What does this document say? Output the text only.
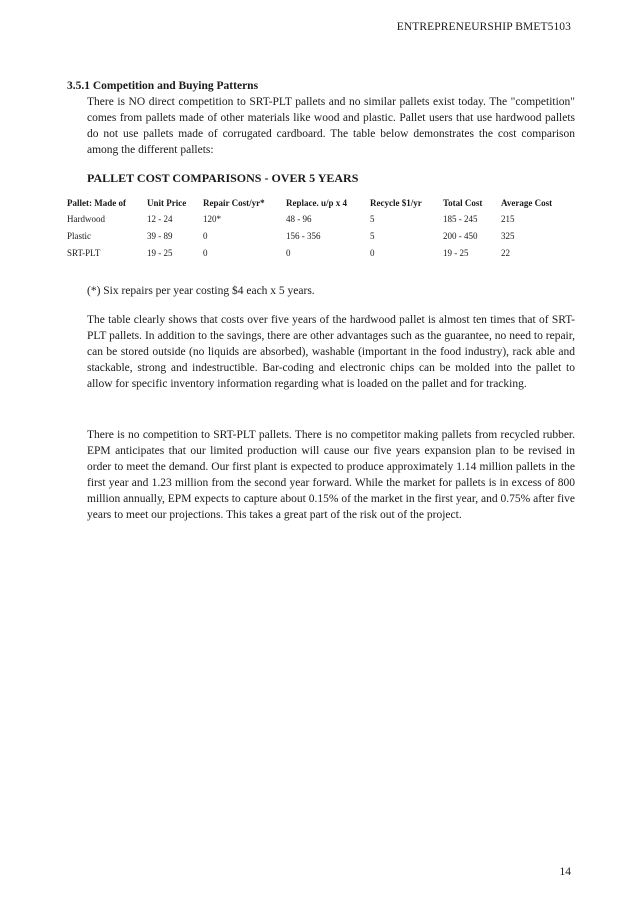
ENTREPRENEURSHIP BMET5103
3.5.1 Competition and Buying Patterns

There is NO direct competition to SRT-PLT pallets and no similar pallets exist today. The "competition" comes from pallets made of other materials like wood and plastic. Pallet users that use hardwood pallets do not use pallets made of corrugated cardboard. The table below demonstrates the cost comparison among the different pallets:

PALLET COST COMPARISONS - OVER 5 YEARS
Pallet: Made of	Unit Price	Repair Cost/yr*	Replace. u/p x 4	Recycle $1/yr	Total Cost	Average Cost
Hardwood	12 - 24	120*	48 - 96	5	185 - 245	215
Plastic	39 - 89	0	156 - 356	5	200 - 450	325
SRT-PLT	19 - 25	0	0	0	19 - 25	22
(*) Six repairs per year costing $4 each x 5 years.

The table clearly shows that costs over five years of the hardwood pallet is almost ten times that of SRT-PLT pallets. In addition to the savings, there are other advantages such as the guarantee, no need to repair, can be stored outside (no liquids are absorbed), washable (important in the food industry), rack able and stackable, strong and indestructible. Bar-coding and electronic chips can be molded into the pallet to allow for specific inventory information regarding what is loaded on the pallet and for tracking.

There is no competition to SRT-PLT pallets. There is no competitor making pallets from recycled rubber. EPM anticipates that our limited production will cause our five years expansion plan to be revised in order to meet the demand. Our first plant is expected to produce approximately 1.14 million pallets in the first year and 1.23 million from the second year forward. While the market for pallets is in excess of 800 million annually, EPM expects to capture about 0.15% of the market in the first year, and 0.75% after five years to meet our projections. This takes a great part of the risk out of the project.

14
